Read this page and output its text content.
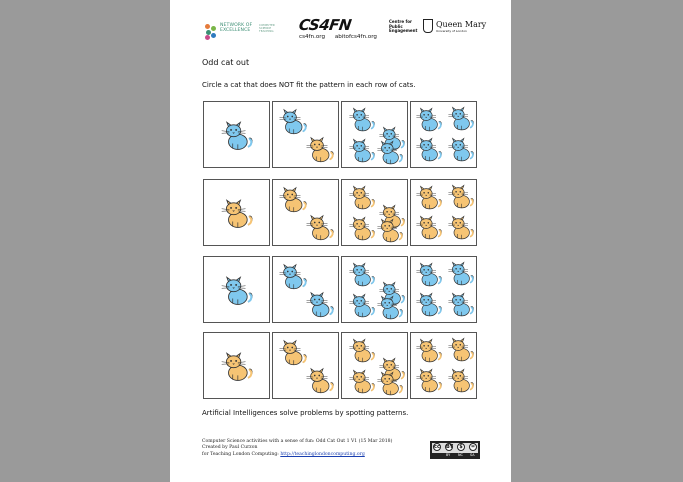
NETWORK OF EXCELLENCE
COMPUTER SCIENCE TEACHING	CS4FN
cs4fn.org abitofcs4fn.org
Centre for Public Engagement
Queen Mary
University of London
Odd cat out
Circle a cat that does NOT fit the pattern in each row of cats.
Artificial Intelligences solve problems by spotting patterns.
Computer Science activities with a sense of fun: Odd Cat Out 1 V1 (15 Mar 2018)
Created by Paul Curzon
for Teaching London Computing: http://teachinglondoncomputing.org
cc BY	$	=
BY NC SA
